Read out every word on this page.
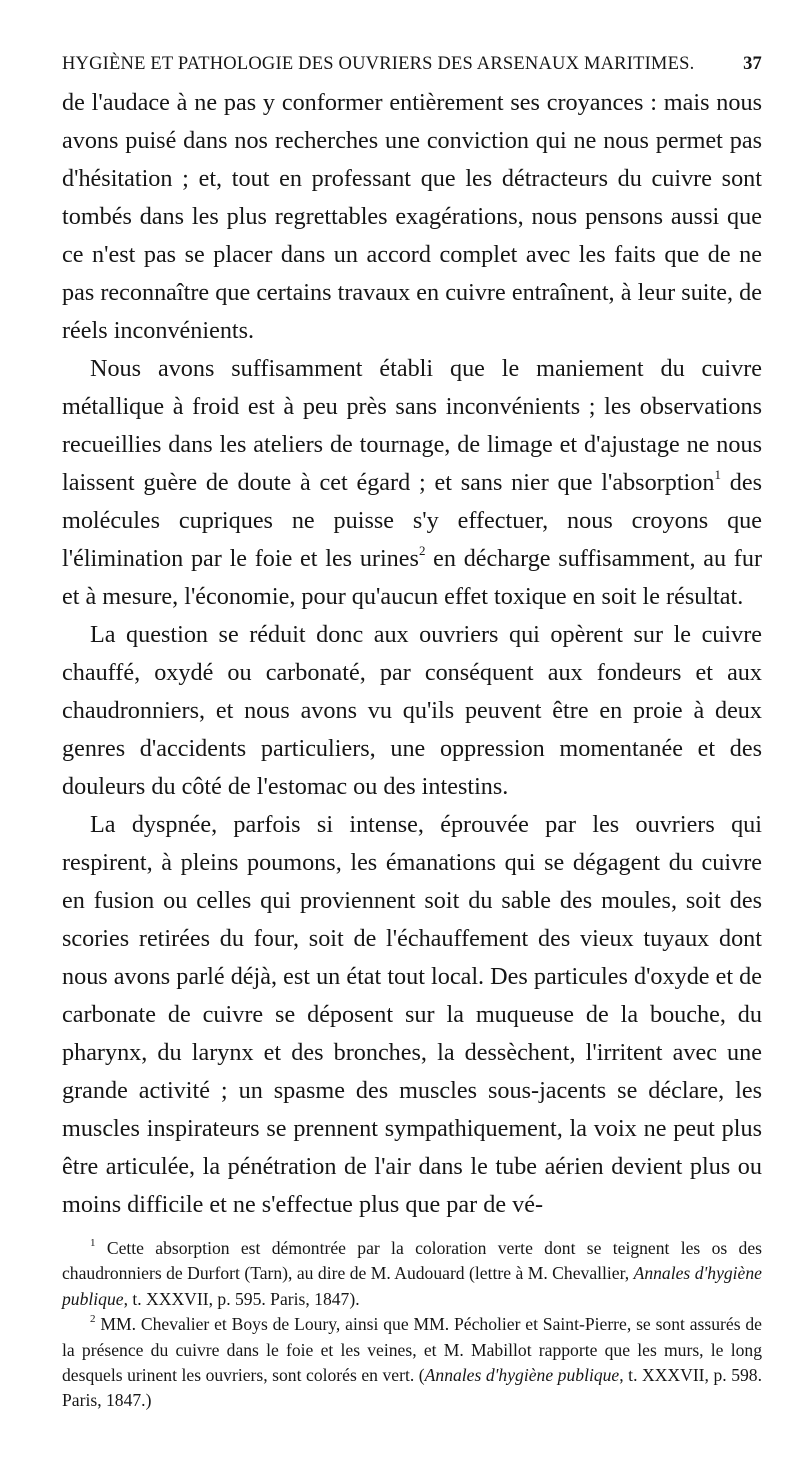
HYGIÈNE ET PATHOLOGIE DES OUVRIERS DES ARSENAUX MARITIMES.	37

de l'audace à ne pas y conformer entièrement ses croyances : mais nous avons puisé dans nos recherches une conviction qui ne nous permet pas d'hésitation ; et, tout en professant que les détracteurs du cuivre sont tombés dans les plus regrettables exagérations, nous pensons aussi que ce n'est pas se placer dans un accord complet avec les faits que de ne pas reconnaître que certains travaux en cuivre entraînent, à leur suite, de réels inconvénients.

Nous avons suffisamment établi que le maniement du cuivre métallique à froid est à peu près sans inconvénients ; les observations recueillies dans les ateliers de tournage, de limage et d'ajustage ne nous laissent guère de doute à cet égard ; et sans nier que l'absorption$^1$ des molécules cupriques ne puisse s'y effectuer, nous croyons que l'élimination par le foie et les urines$^2$ en décharge suffisamment, au fur et à mesure, l'économie, pour qu'aucun effet toxique en soit le résultat.

La question se réduit donc aux ouvriers qui opèrent sur le cuivre chauffé, oxydé ou carbonaté, par conséquent aux fondeurs et aux chaudronniers, et nous avons vu qu'ils peuvent être en proie à deux genres d'accidents particuliers, une oppression momentanée et des douleurs du côté de l'estomac ou des intestins.

La dyspnée, parfois si intense, éprouvée par les ouvriers qui respirent, à pleins poumons, les émanations qui se dégagent du cuivre en fusion ou celles qui proviennent soit du sable des moules, soit des scories retirées du four, soit de l'échauffement des vieux tuyaux dont nous avons parlé déjà, est un état tout local. Des particules d'oxyde et de carbonate de cuivre se déposent sur la muqueuse de la bouche, du pharynx, du larynx et des bronches, la dessèchent, l'irritent avec une grande activité ; un spasme des muscles sous-jacents se déclare, les muscles inspirateurs se prennent sympathiquement, la voix ne peut plus être articulée, la pénétration de l'air dans le tube aérien devient plus ou moins difficile et ne s'effectue plus que par de vé-

$^1$ Cette absorption est démontrée par la coloration verte dont se teignent les os des chaudronniers de Durfort (Tarn), au dire de M. Audouard (lettre à M. Chevallier, Annales d'hygiène publique, t. XXXVII, p. 595. Paris, 1847).

$^2$ MM. Chevalier et Boys de Loury, ainsi que MM. Pécholier et Saint-Pierre, se sont assurés de la présence du cuivre dans le foie et les veines, et M. Mabillot rapporte que les murs, le long desquels urinent les ouvriers, sont colorés en vert. (Annales d'hygiène publique, t. XXXVII, p. 598. Paris, 1847.)
